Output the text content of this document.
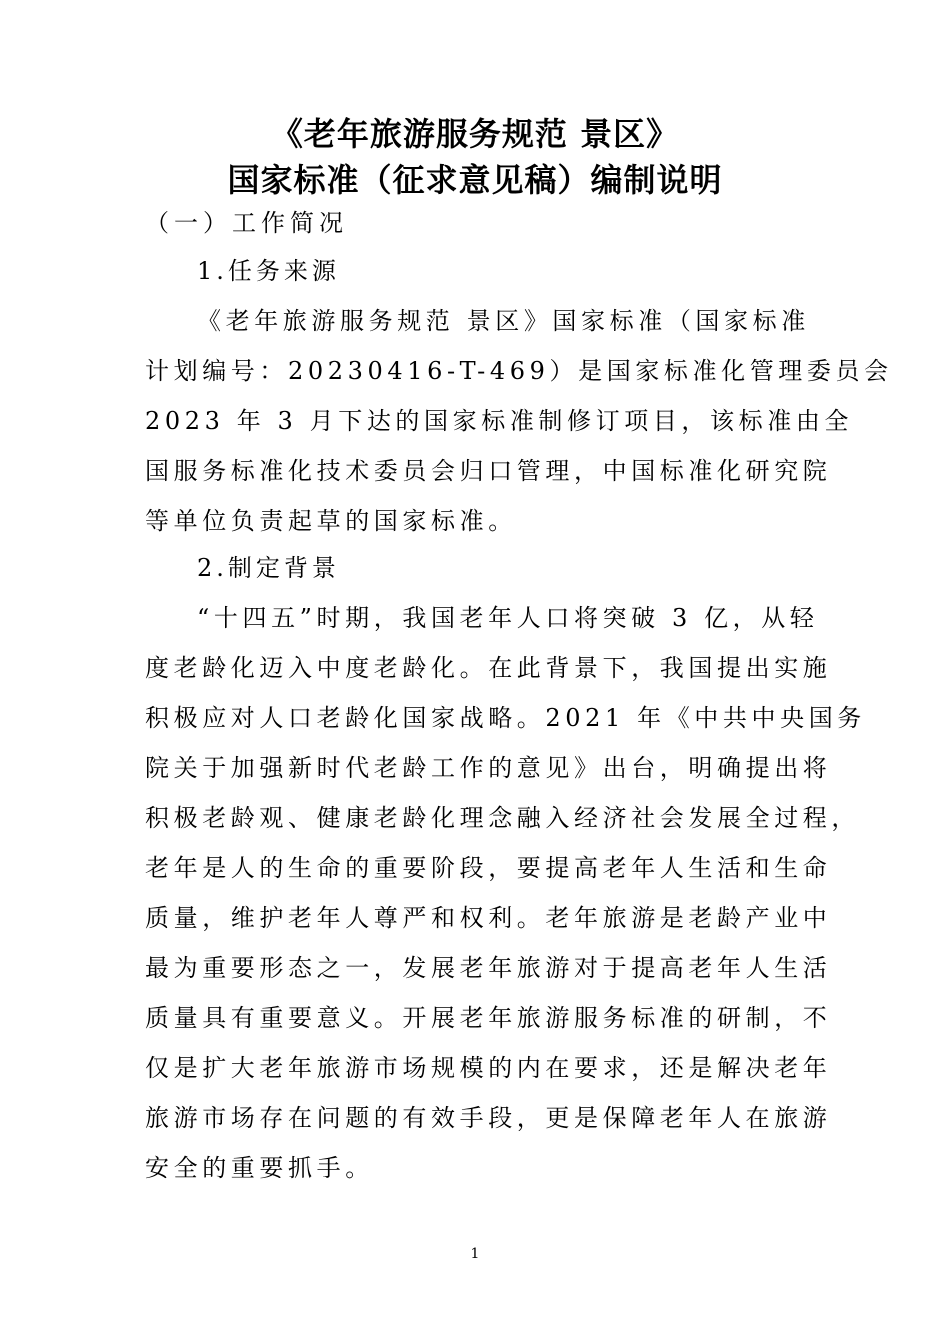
《老年旅游服务规范 景区》
国家标准（征求意见稿）编制说明
（一）工作简况
1.任务来源
《老年旅游服务规范 景区》国家标准（国家标准
计划编号：20230416-T-469）是国家标准化管理委员会
2023 年 3 月下达的国家标准制修订项目，该标准由全
国服务标准化技术委员会归口管理，中国标准化研究院
等单位负责起草的国家标准。
2.制定背景
“十四五”时期，我国老年人口将突破 3 亿，从轻
度老龄化迈入中度老龄化。在此背景下，我国提出实施
积极应对人口老龄化国家战略。2021 年《中共中央国务
院关于加强新时代老龄工作的意见》出台，明确提出将
积极老龄观、健康老龄化理念融入经济社会发展全过程，
老年是人的生命的重要阶段，要提高老年人生活和生命
质量，维护老年人尊严和权利。老年旅游是老龄产业中
最为重要形态之一，发展老年旅游对于提高老年人生活
质量具有重要意义。开展老年旅游服务标准的研制，不
仅是扩大老年旅游市场规模的内在要求，还是解决老年
旅游市场存在问题的有效手段，更是保障老年人在旅游
安全的重要抓手。
1
